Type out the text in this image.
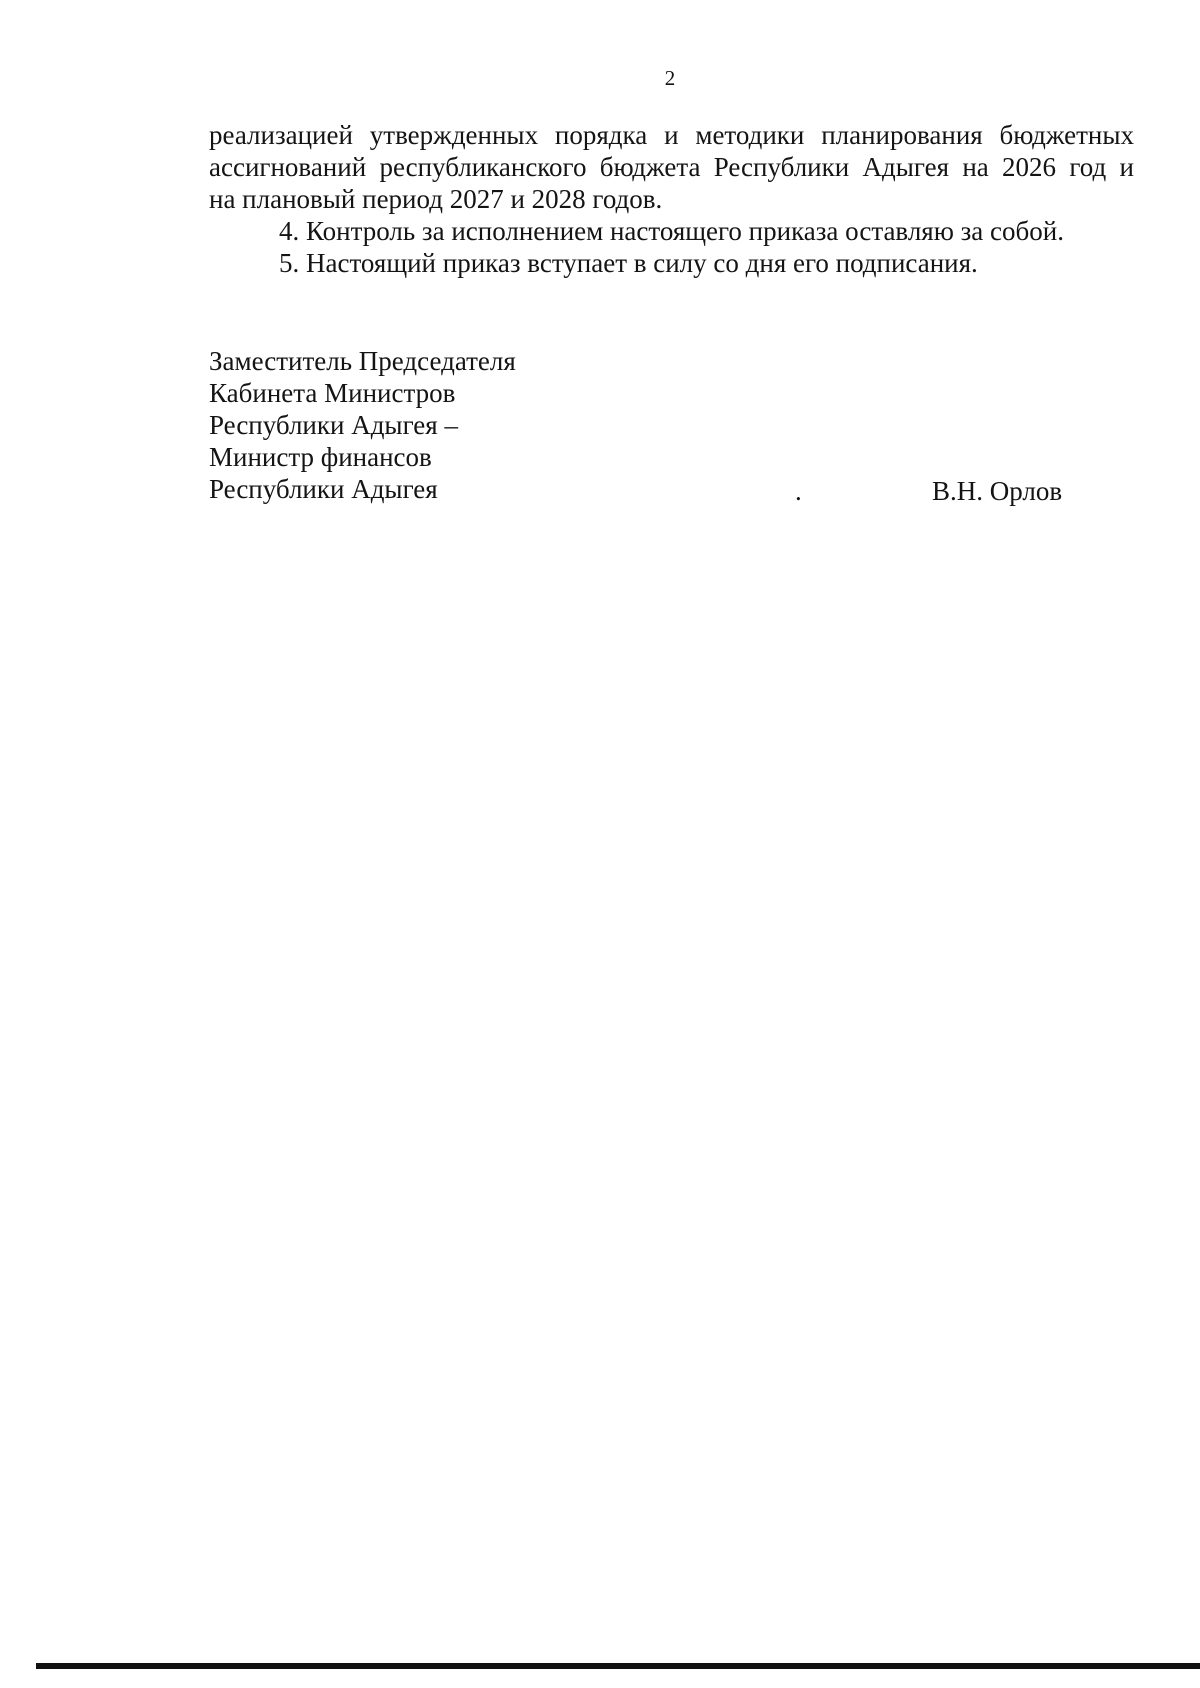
2
реализацией утвержденных порядка и методики планирования бюджетных
ассигнований республиканского бюджета Республики Адыгея на 2026 год и
на плановый период 2027 и 2028 годов.
4. Контроль за исполнением настоящего приказа оставляю за собой.
5. Настоящий приказ вступает в силу со дня его подписания.
Заместитель Председателя
Кабинета Министров
Республики Адыгея –
Министр финансов
Республики Адыгея	.	В.Н. Орлов
